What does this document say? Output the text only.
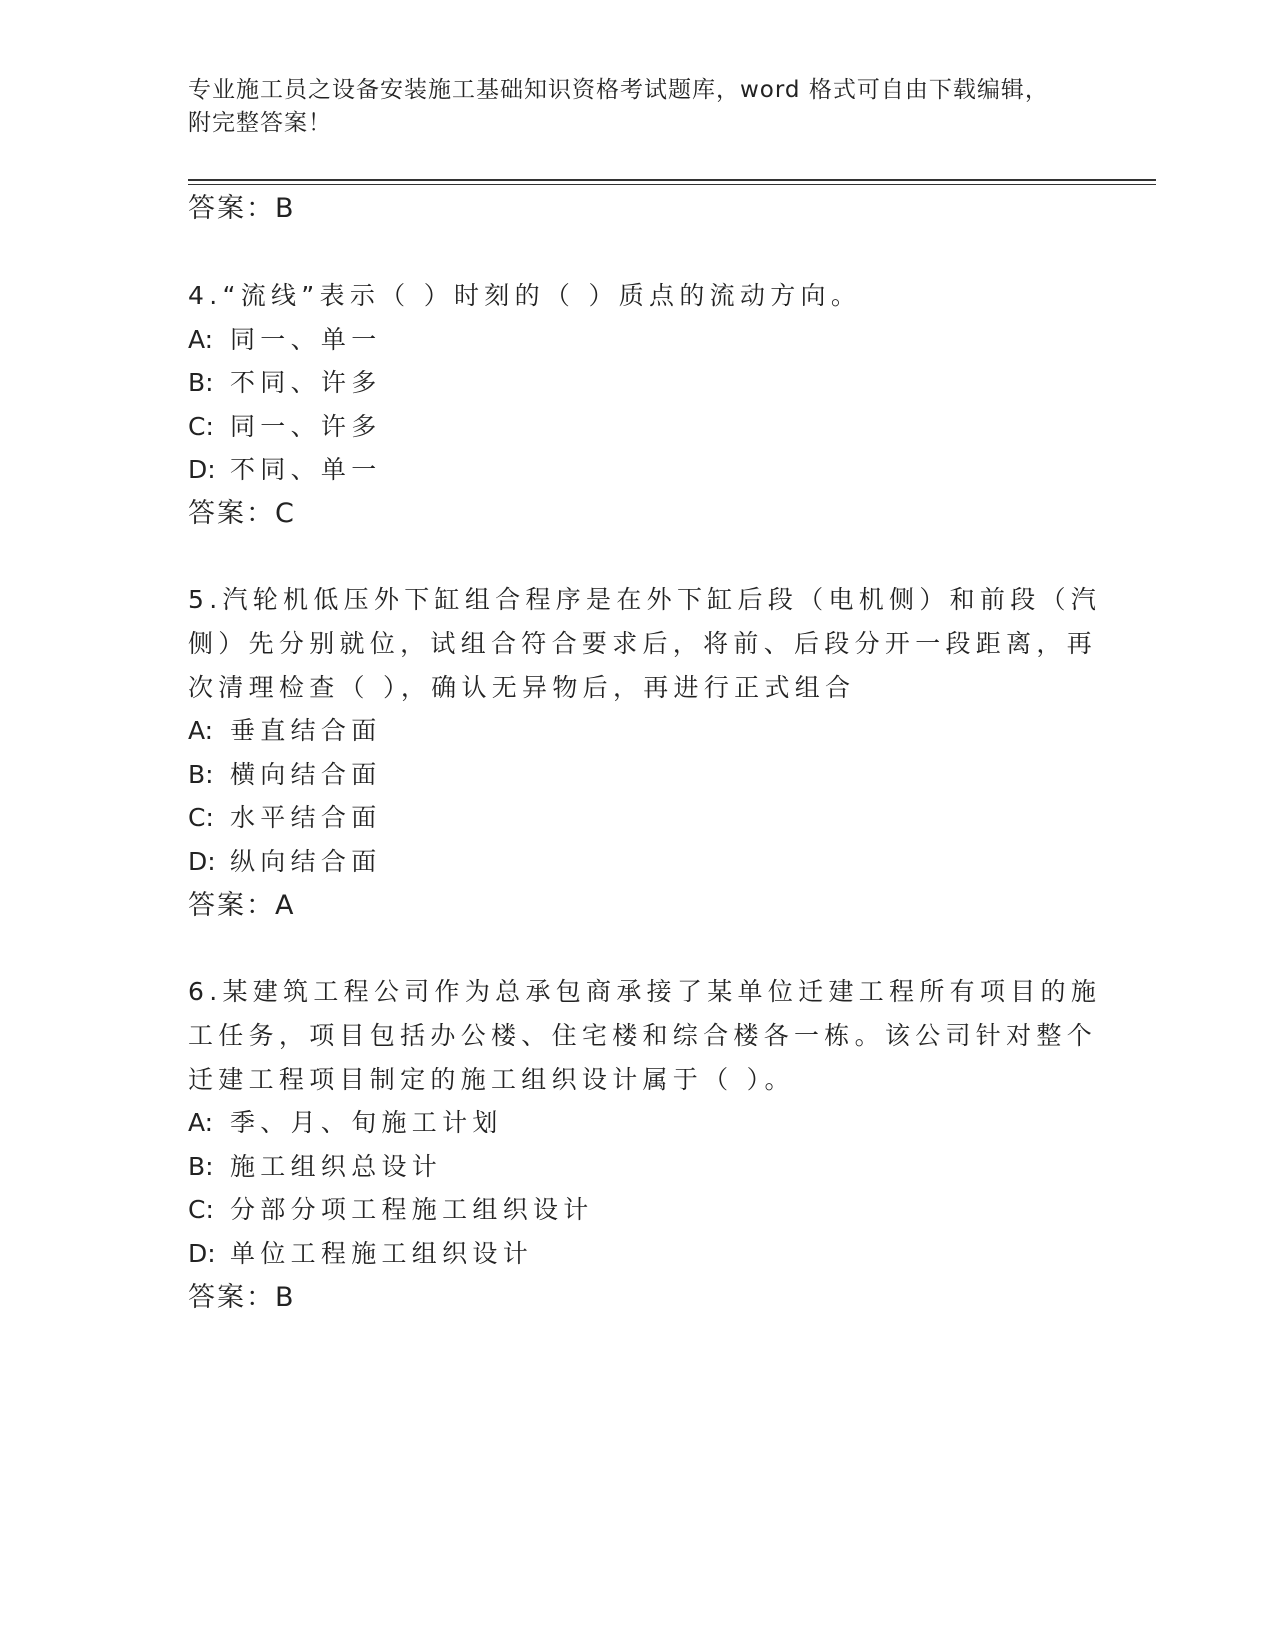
专业施工员之设备安装施工基础知识资格考试题库，word 格式可自由下载编辑，
附完整答案！
答案：B
4.“流线”表示（ ）时刻的（ ）质点的流动方向。
A: 同一、单一
B: 不同、许多
C: 同一、许多
D: 不同、单一
答案：C
5.汽轮机低压外下缸组合程序是在外下缸后段（电机侧）和前段（汽
侧）先分别就位，试组合符合要求后，将前、后段分开一段距离，再
次清理检查（ ），确认无异物后，再进行正式组合
A: 垂直结合面
B: 横向结合面
C: 水平结合面
D: 纵向结合面
答案：A
6.某建筑工程公司作为总承包商承接了某单位迁建工程所有项目的施
工任务，项目包括办公楼、住宅楼和综合楼各一栋。该公司针对整个
迁建工程项目制定的施工组织设计属于（ ）。
A: 季、月、旬施工计划
B: 施工组织总设计
C: 分部分项工程施工组织设计
D: 单位工程施工组织设计
答案：B
